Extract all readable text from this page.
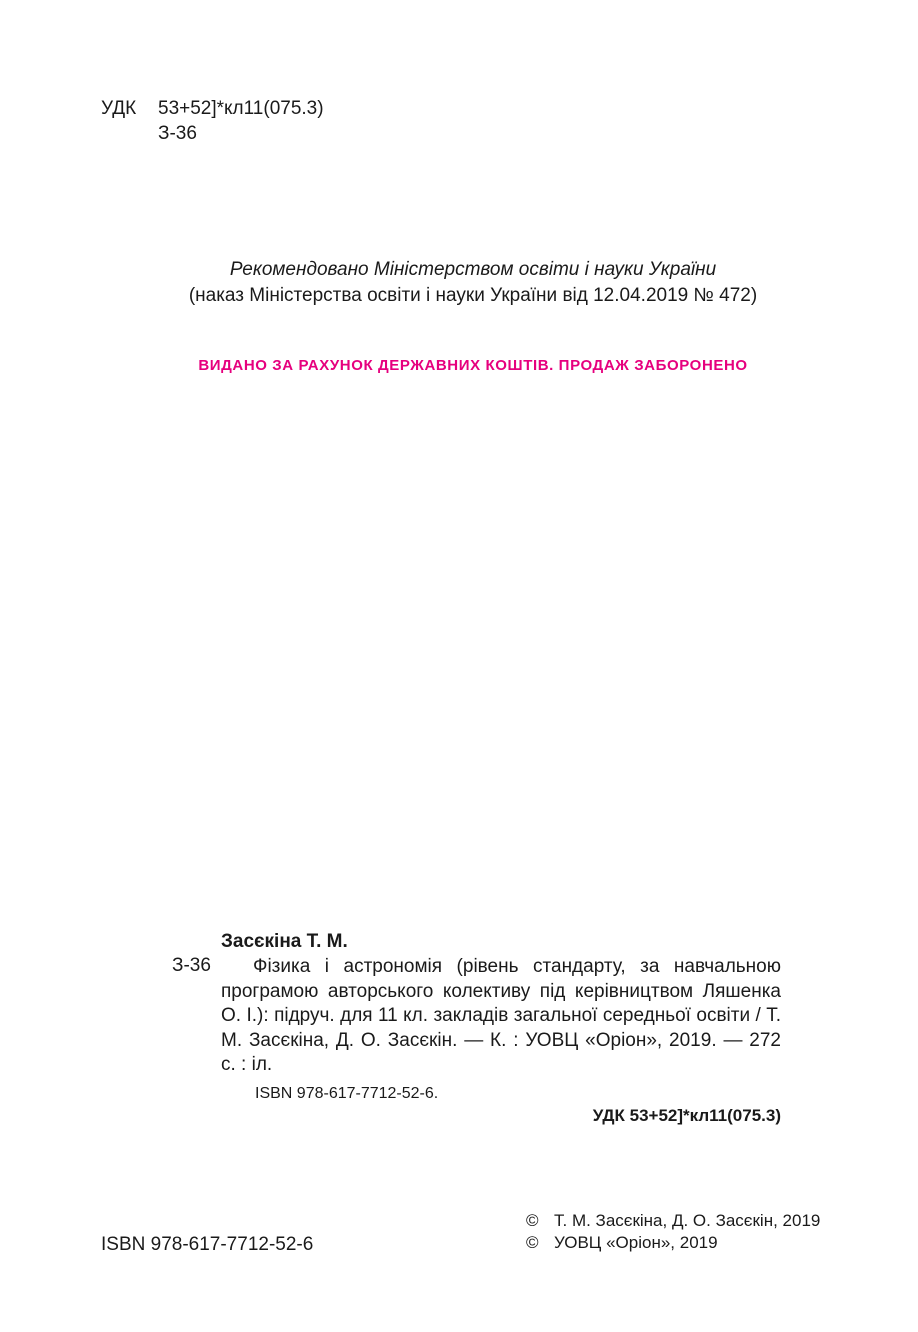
УДК 53+52]*кл11(075.3)

З-36

Рекомендовано Міністерством освіти і науки України

(наказ Міністерства освіти і науки України від 12.04.2019 № 472)

ВИДАНО ЗА РАХУНОК ДЕРЖАВНИХ КОШТІВ. ПРОДАЖ ЗАБОРОНЕНО

Засєкіна Т. М.

З-36	Фізика і астрономія (рівень стандарту, за навчальною програмою авторського колективу під керівництвом Ляшенка О. І.): підруч. для 11 кл. закладів загальної середньої освіти / Т. М. Засєкіна, Д. О. Засєкін. — К. : УОВЦ «Оріон», 2019. — 272 с. : іл.

ISBN 978-617-7712-52-6.

УДК 53+52]*кл11(075.3)

ISBN 978-617-7712-52-6

© Т. М. Засєкіна, Д. О. Засєкін, 2019

© УОВЦ «Оріон», 2019
